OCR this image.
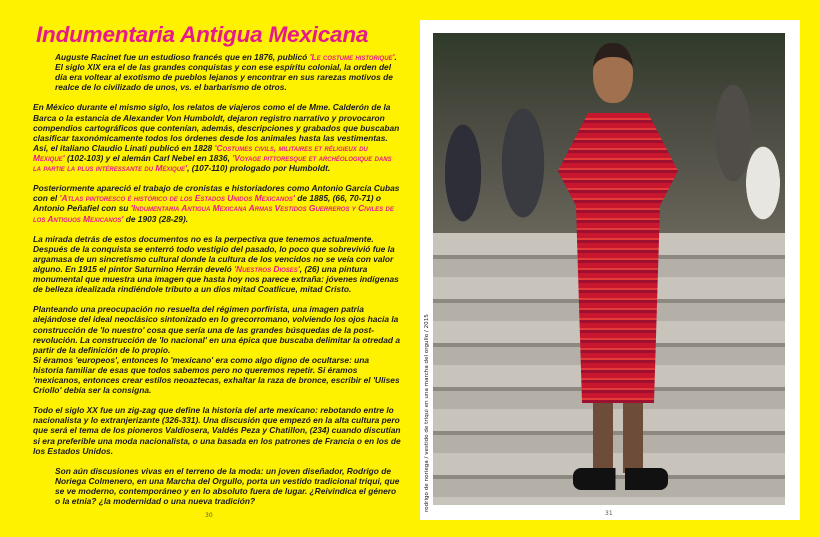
Indumentaria Antigua Mexicana

Auguste Racinet fue un estudioso francés que en 1876, publicó 'Le costume historique'. El siglo XIX era el de las grandes conquistas y con ese espíritu colonial, la orden del día era voltear al exotismo de pueblos lejanos y encontrar en sus rarezas motivos de realce de lo civilizado de unos, vs. el barbarismo de otros.

En México durante el mismo siglo, los relatos de viajeros como el de Mme. Calderón de la Barca o la estancia de Alexander Von Humboldt, dejaron registro narrativo y provocaron compendios cartográficos que contenían, además, descripciones y grabados que buscaban clasificar taxonómicamente todos los órdenes desde los animales hasta las vestimentas. Así, el italiano Claudio Linati publicó en 1828 'Costumes civils, militaires et réligieux du Mexique' (102-103) y el alemán Carl Nebel en 1836, 'Voyage pittoresque et archéologique dans la partie la plus intéressante du Méxique', (107-110) prologado por Humboldt.

Posteriormente apareció el trabajo de cronistas e historiadores como Antonio García Cubas con el 'Atlas pintoresco é histórico de los Estados Unidos Mexicanos' de 1885, (66, 70-71) o Antonio Peñafiel con su 'Indumentaria Antigua Mexicana Armas Vestidos Guerreros y Civiles de los Antiguos Mexicanos' de 1903 (28-29).

La mirada detrás de estos documentos no es la perpectiva que tenemos actualmente. Después de la conquista se enterró todo vestigio del pasado, lo poco que sobrevivió fue la argamasa de un sincretismo cultural donde la cultura de los vencidos no se veía con valor alguno. En 1915 el pintor Saturnino Herrán develó 'Nuestros Dioses', (26) una pintura monumental que muestra una imagen que hasta hoy nos parece extraña: jóvenes indígenas de belleza idealizada rindiéndole tributo a un dios mitad Coatlicue, mitad Cristo.

Planteando una preocupación no resuelta del régimen porfirista, una imagen patria alejándose del ideal neoclásico sintonizado en lo grecorromano, volviendo los ojos hacia la construcción de 'lo nuestro' cosa que sería una de las grandes búsquedas de la post-revolución. La construcción de 'lo nacional' en una épica que buscaba delimitar la otredad a partir de la definición de lo propio.
Si éramos 'europeos', entonces lo 'mexicano' era como algo digno de ocultarse: una historia familiar de esas que todos sabemos pero no queremos repetir. Si éramos 'mexicanos, entonces crear estilos neoaztecas, exhaltar la raza de bronce, escribir el 'Ulises Criollo' debía ser la consigna.

Todo el siglo XX fue un zig-zag que define la historia del arte mexicano: rebotando entre lo nacionalista y lo extranjerizante (326-331). Una discusión que empezó en la alta cultura pero que será el tema de los pioneros Valdiosera, Valdés Peza y Chatillon, (234) cuando discutían si era preferible una moda nacionalista, o una basada en los patrones de Francia o en los de los Estados Unidos.

Son aún discusiones vivas en el terreno de la moda: un joven diseñador, Rodrigo de Noriega Colmenero, en una Marcha del Orgullo, porta un vestido tradicional triqui, que se ve moderno, contemporáneo y en lo absoluto fuera de lugar. ¿Reivindica el género o la etnia? ¿la modernidad o una nueva tradición?

30	31
rodrigo de noriega / vestido de triqui en una marcha del orgullo / 2015
